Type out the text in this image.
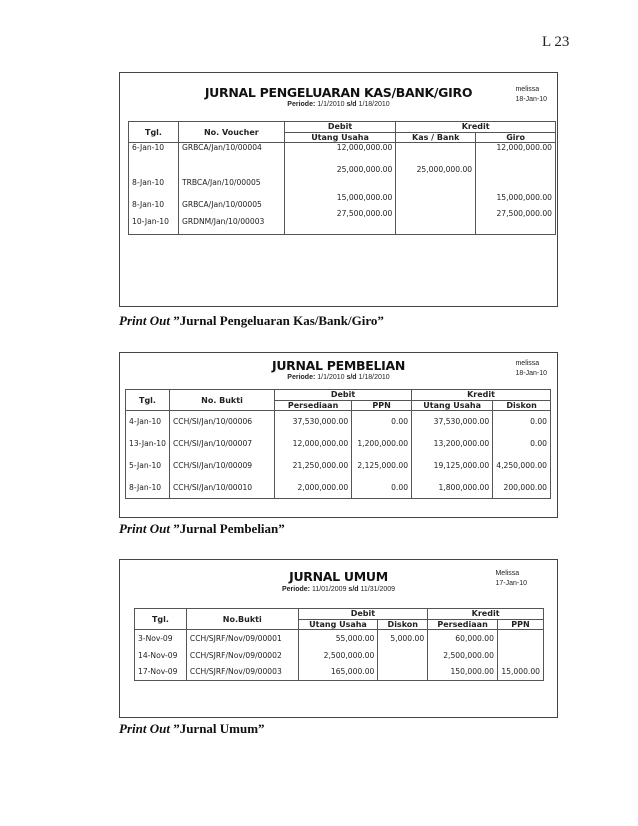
L 23
JURNAL PENGELUARAN KAS/BANK/GIRO
Periode: 1/1/2010 s/d 1/18/2010
melissa
18-Jan-10
Tgl.	No. Voucher	Debit	Kredit	
		Utang Usaha	Kas / Bank	Giro
6-Jan-10	GRBCA/Jan/10/00004	12,000,000.00		12,000,000.00
8-Jan-10	TRBCA/Jan/10/00005	25,000,000.00	25,000,000.00	
8-Jan-10	GRBCA/Jan/10/00005	15,000,000.00		15,000,000.00
10-Jan-10	GRDNM/Jan/10/00003	27,500,000.00		27,500,000.00
Print Out ”Jurnal Pengeluaran Kas/Bank/Giro”
JURNAL PEMBELIAN
Periode: 1/1/2010 s/d 1/18/2010
melissa
18-Jan-10
Tgl.	No. Bukti	Debit		Kredit	
		Persediaan	PPN	Utang Usaha	Diskon
4-Jan-10	CCH/SI/Jan/10/00006	37,530,000.00	0.00	37,530,000.00	0.00
13-Jan-10	CCH/SI/Jan/10/00007	12,000,000.00	1,200,000.00	13,200,000.00	0.00
5-Jan-10	CCH/SI/Jan/10/00009	21,250,000.00	2,125,000.00	19,125,000.00	4,250,000.00
8-Jan-10	CCH/SI/Jan/10/00010	2,000,000.00	0.00	1,800,000.00	200,000.00
Print Out ”Jurnal Pembelian”
JURNAL UMUM
Periode: 11/01/2009 s/d 11/31/2009
Melissa
17-Jan-10
Tgl.	No.Bukti	Debit		Kredit	
		Utang Usaha	Diskon	Persediaan	PPN
3-Nov-09	CCH/SJRF/Nov/09/00001	55,000.00	5,000.00	60,000.00	
14-Nov-09	CCH/SJRF/Nov/09/00002	2,500,000.00		2,500,000.00	
17-Nov-09	CCH/SJRF/Nov/09/00003	165,000.00		150,000.00	15,000.00
Print Out ”Jurnal Umum”
